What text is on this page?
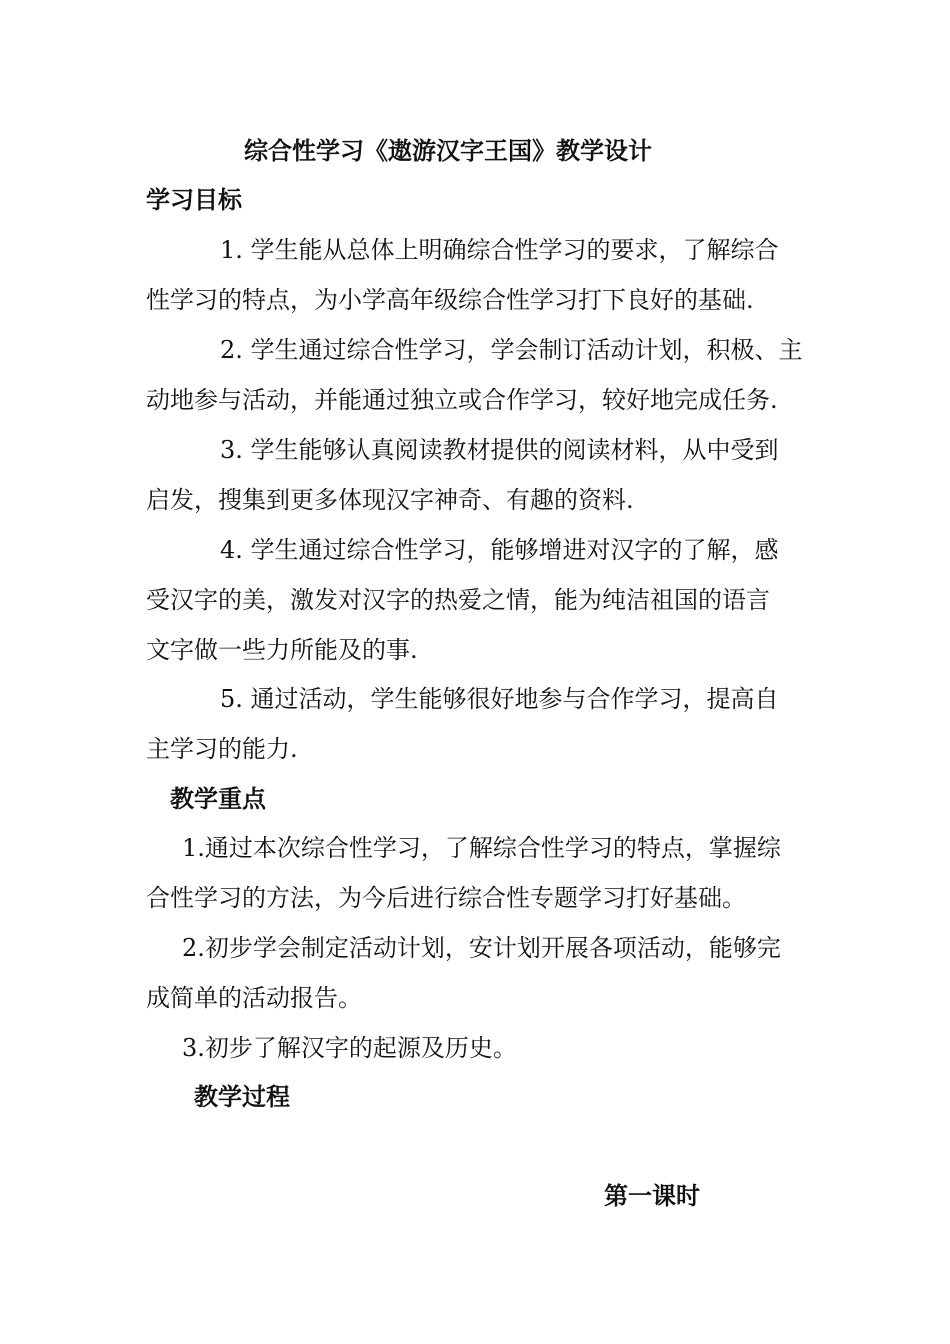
综合性学习《遨游汉字王国》教学设计
学习目标
1. 学生能从总体上明确综合性学习的要求，了解综合
性学习的特点，为小学高年级综合性学习打下良好的基础.
2. 学生通过综合性学习，学会制订活动计划，积极、主
动地参与活动，并能通过独立或合作学习，较好地完成任务.
3. 学生能够认真阅读教材提供的阅读材料，从中受到
启发，搜集到更多体现汉字神奇、有趣的资料.
4. 学生通过综合性学习，能够增进对汉字的了解，感
受汉字的美，激发对汉字的热爱之情，能为纯洁祖国的语言
文字做一些力所能及的事.
5. 通过活动，学生能够很好地参与合作学习，提高自
主学习的能力.
教学重点
1.通过本次综合性学习，了解综合性学习的特点，掌握综
合性学习的方法，为今后进行综合性专题学习打好基础。
2.初步学会制定活动计划，安计划开展各项活动，能够完
成简单的活动报告。
3.初步了解汉字的起源及历史。
教学过程
第一课时
